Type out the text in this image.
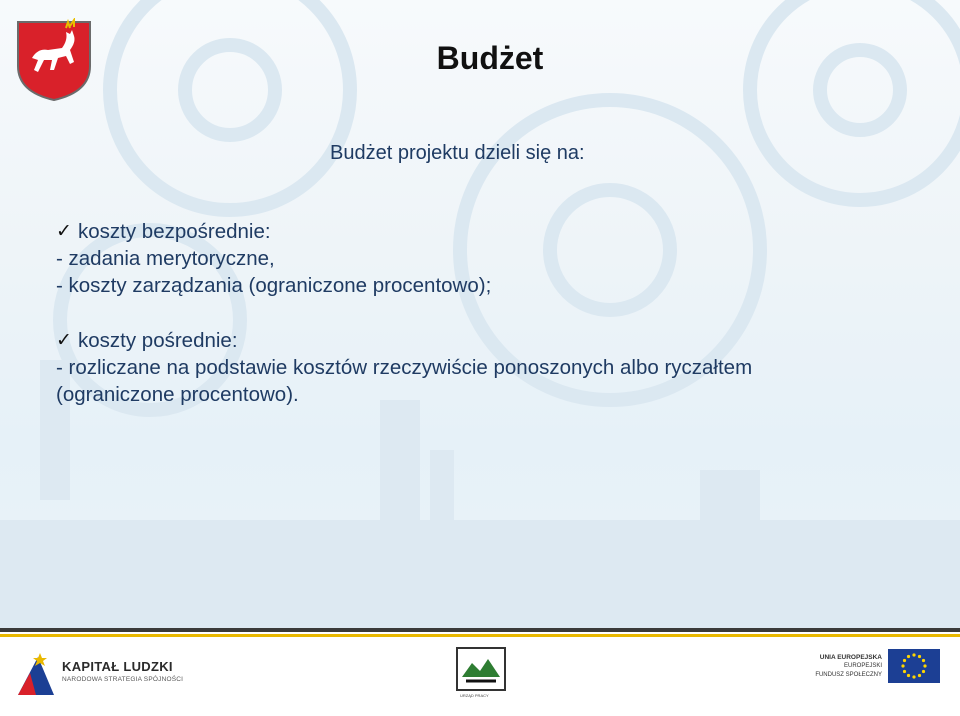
Budżet
Budżet projektu dzieli się na:
✓ koszty bezpośrednie:
- zadania merytoryczne,
- koszty zarządzania (ograniczone procentowo);
✓ koszty pośrednie:
- rozliczane na podstawie kosztów rzeczywiście ponoszonych albo ryczałtem
(ograniczone procentowo).
KAPITAŁ LUDZKI
NARODOWA STRATEGIA SPÓJNOŚCI
URZĄD PRACY
UNIA EUROPEJSKA
EUROPEJSKI
FUNDUSZ SPOŁECZNY
